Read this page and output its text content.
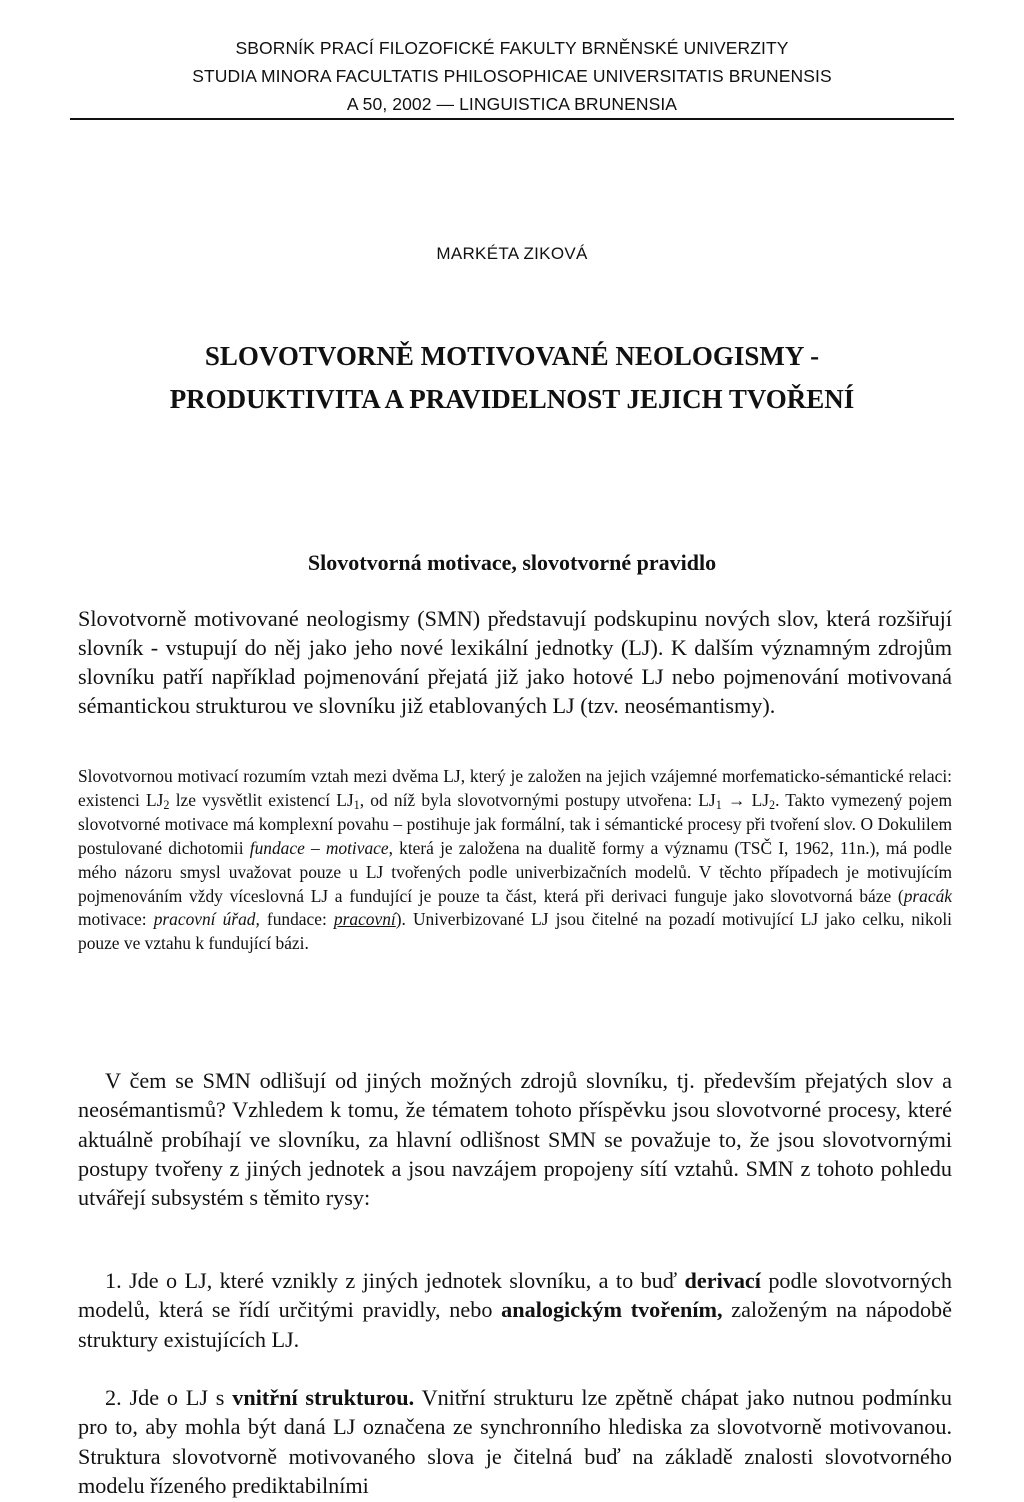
SBORNÍK PRACÍ FILOZOFICKÉ FAKULTY BRNĚNSKÉ UNIVERZITY
STUDIA MINORA FACULTATIS PHILOSOPHICAE UNIVERSITATIS BRUNENSIS
A 50, 2002 — LINGUISTICA BRUNENSIA
MARKÉTA ZIKOVÁ
SLOVOTVORNĚ MOTIVOVANÉ NEOLOGISMY -
PRODUKTIVITA A PRAVIDELNOST JEJICH TVOŘENÍ
Slovotvorná motivace, slovotvorné pravidlo

Slovotvorně motivované neologismy (SMN) představují podskupinu nových slov, která rozšiřují slovník - vstupují do něj jako jeho nové lexikální jednotky (LJ). K dalším významným zdrojům slovníku patří například pojmenování přejatá již jako hotové LJ nebo pojmenování motivovaná sémantickou strukturou ve slovníku již etablovaných LJ (tzv. neosémantismy).

Slovotvornou motivací rozumím vztah mezi dvěma LJ, který je založen na jejich vzájemné morfematicko-sémantické relaci: existenci $LJ_2$ lze vysvětlit existencí $LJ_1$, od níž byla slovotvornými postupy utvořena: $LJ_1 \to LJ_2$. Takto vymezený pojem slovotvorné motivace má komplexní povahu – postihuje jak formální, tak i sémantické procesy při tvoření slov. O Dokulilem postulované dichotomii fundace – motivace, která je založena na dualitě formy a významu (TSČ I, 1962, 11n.), má podle mého názoru smysl uvažovat pouze u LJ tvořených podle univerbizačních modelů. V těchto případech je motivujícím pojmenováním vždy víceslovná LJ a fundující je pouze ta část, která při derivaci funguje jako slovotvorná báze (pracák motivace: pracovní úřad, fundace: pracovní). Univerbizované LJ jsou čitelné na pozadí motivující LJ jako celku, nikoli pouze ve vztahu k fundující bázi.

V čem se SMN odlišují od jiných možných zdrojů slovníku, tj. především přejatých slov a neosémantismů? Vzhledem k tomu, že tématem tohoto příspěvku jsou slovotvorné procesy, které aktuálně probíhají ve slovníku, za hlavní odlišnost SMN se považuje to, že jsou slovotvornými postupy tvořeny z jiných jednotek a jsou navzájem propojeny sítí vztahů. SMN z tohoto pohledu utvářejí subsystém s těmito rysy:

1. Jde o LJ, které vznikly z jiných jednotek slovníku, a to buď derivací podle slovotvorných modelů, která se řídí určitými pravidly, nebo analogickým tvořením, založeným na nápodobě struktury existujících LJ.

2. Jde o LJ s vnitřní strukturou. Vnitřní strukturu lze zpětně chápat jako nutnou podmínku pro to, aby mohla být daná LJ označena ze synchronního hlediska za slovotvorně motivovanou. Struktura slovotvorně motivovaného slova je čitelná buď na základě znalosti slovotvorného modelu řízeného prediktabilními
